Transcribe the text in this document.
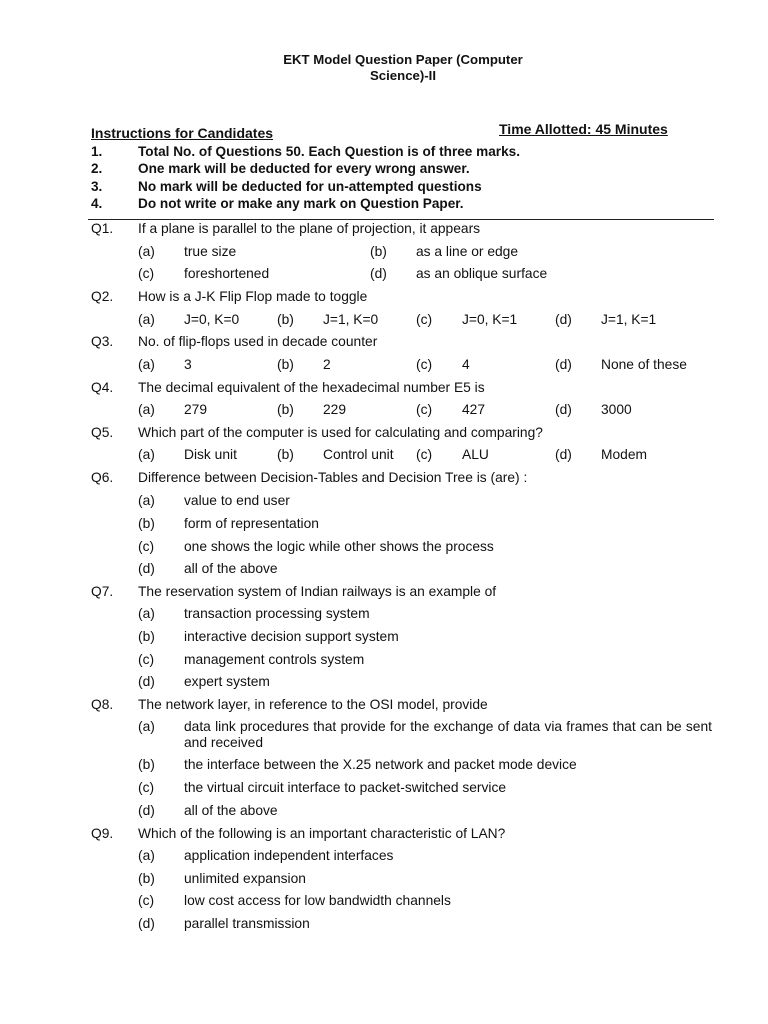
EKT Model Question Paper (Computer
Science)-II
Instructions for Candidates	Time Allotted: 45 Minutes
1.	Total No. of Questions 50. Each Question is of three marks.
2.	One mark will be deducted for every wrong answer.
3.	No mark will be deducted for un-attempted questions
4.	Do not write or make any mark on Question Paper.
Q1. If a plane is parallel to the plane of projection, it appears
(a) true size	(b) as a line or edge
(c) foreshortened	(d) as an oblique surface
Q2. How is a J-K Flip Flop made to toggle
(a) J=0, K=0	(b) J=1, K=0	(c) J=0, K=1	(d) J=1, K=1
Q3. No. of flip-flops used in decade counter
(a) 3	(b) 2	(c) 4	(d) None of these
Q4. The decimal equivalent of the hexadecimal number E5 is
(a) 279	(b) 229	(c) 427	(d) 3000
Q5. Which part of the computer is used for calculating and comparing?
(a) Disk unit	(b) Control unit (c) ALU	(d) Modem
Q6. Difference between Decision-Tables and Decision Tree is (are) :
(a) value to end user
(b) form of representation
(c) one shows the logic while other shows the process
(d) all of the above
Q7. The reservation system of Indian railways is an example of
(a) transaction processing system
(b) interactive decision support system
(c) management controls system
(d) expert system
Q8. The network layer, in reference to the OSI model, provide
(a) data link procedures that provide for the exchange of data via frames that can be sent and received
(b) the interface between the X.25 network and packet mode device
(c) the virtual circuit interface to packet-switched service
(d) all of the above
Q9. Which of the following is an important characteristic of LAN?
(a) application independent interfaces
(b) unlimited expansion
(c) low cost access for low bandwidth channels
(d) parallel transmission
